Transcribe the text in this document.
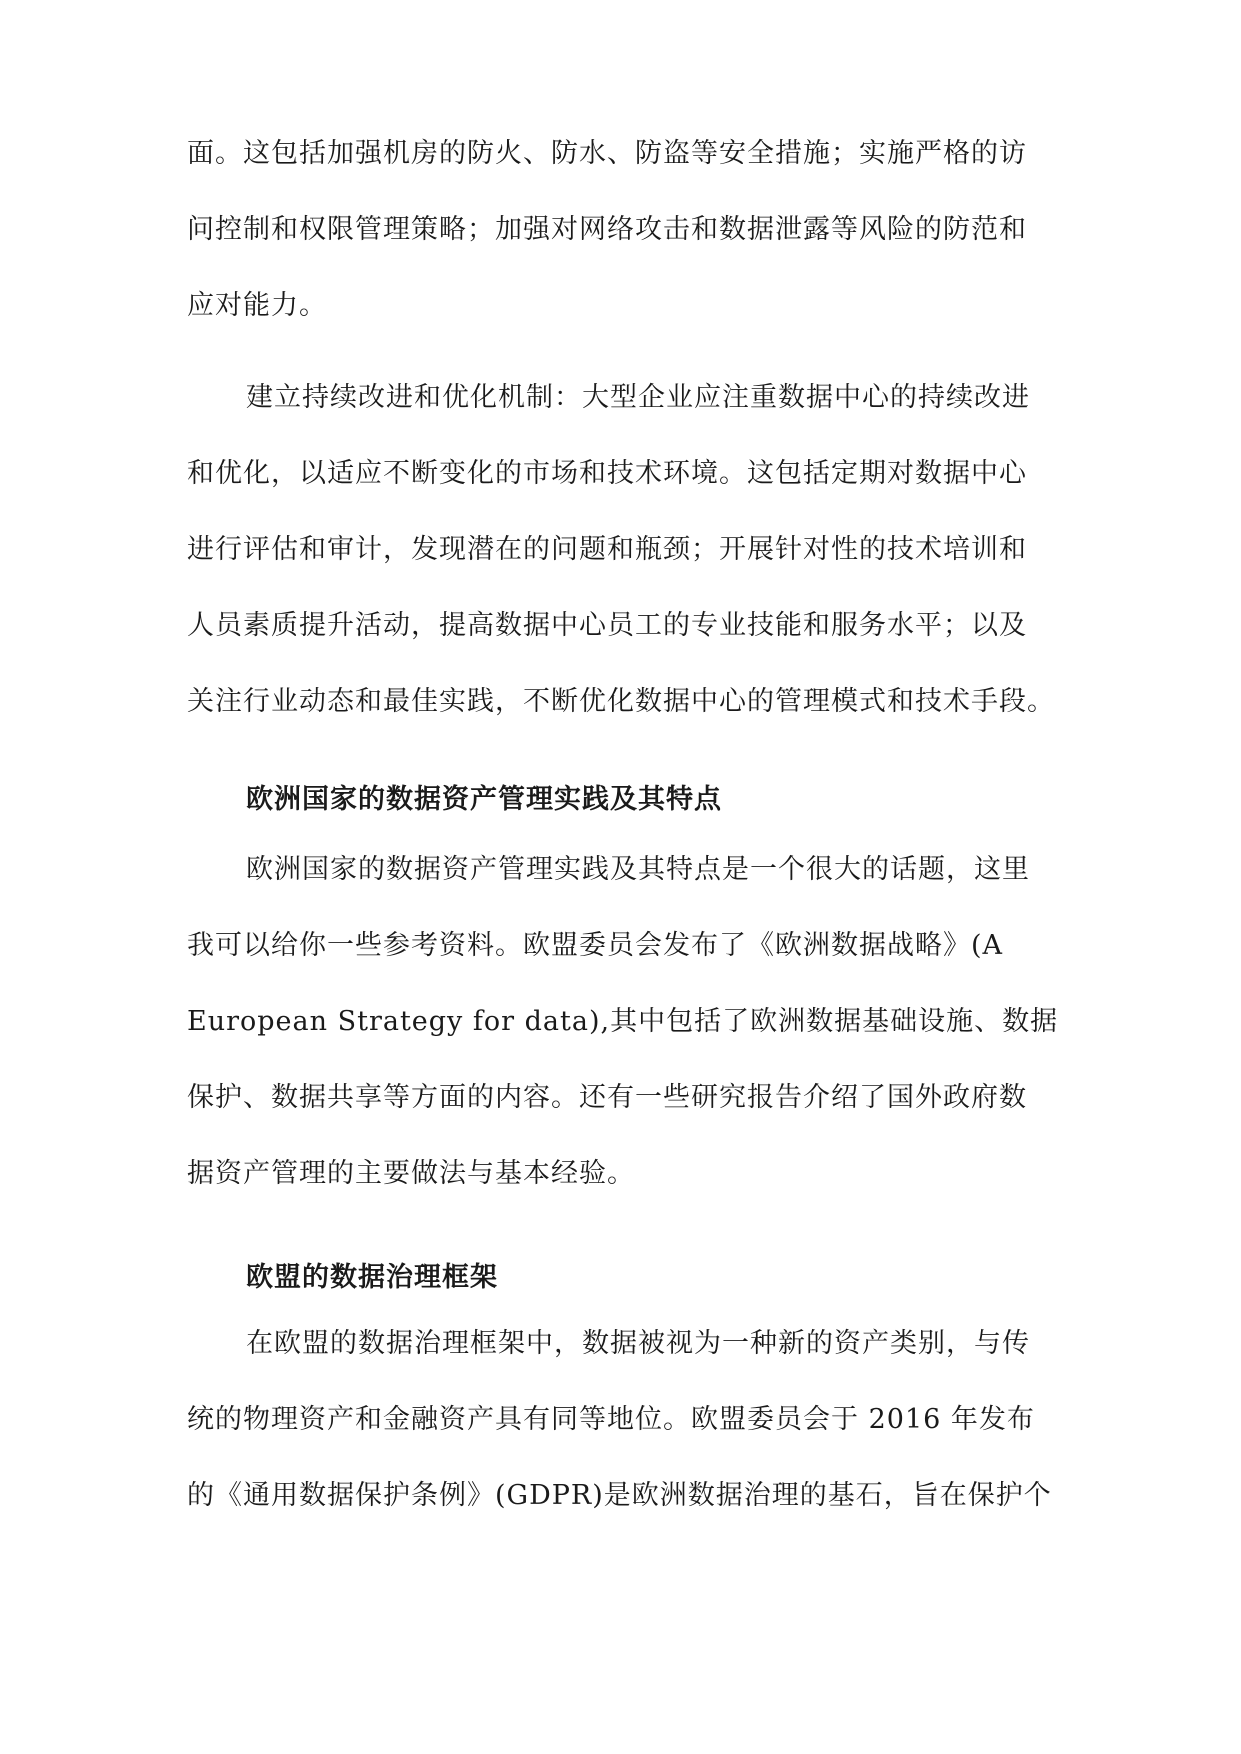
面。这包括加强机房的防火、防水、防盗等安全措施；实施严格的访
问控制和权限管理策略；加强对网络攻击和数据泄露等风险的防范和
应对能力。
建立持续改进和优化机制：大型企业应注重数据中心的持续改进
和优化，以适应不断变化的市场和技术环境。这包括定期对数据中心
进行评估和审计，发现潜在的问题和瓶颈；开展针对性的技术培训和
人员素质提升活动，提高数据中心员工的专业技能和服务水平；以及
关注行业动态和最佳实践，不断优化数据中心的管理模式和技术手段。
欧洲国家的数据资产管理实践及其特点
欧洲国家的数据资产管理实践及其特点是一个很大的话题，这里
我可以给你一些参考资料。欧盟委员会发布了《欧洲数据战略》(A
European Strategy for data),其中包括了欧洲数据基础设施、数据
保护、数据共享等方面的内容。还有一些研究报告介绍了国外政府数
据资产管理的主要做法与基本经验。
欧盟的数据治理框架
在欧盟的数据治理框架中，数据被视为一种新的资产类别，与传
统的物理资产和金融资产具有同等地位。欧盟委员会于 2016 年发布
的《通用数据保护条例》(GDPR)是欧洲数据治理的基石，旨在保护个
